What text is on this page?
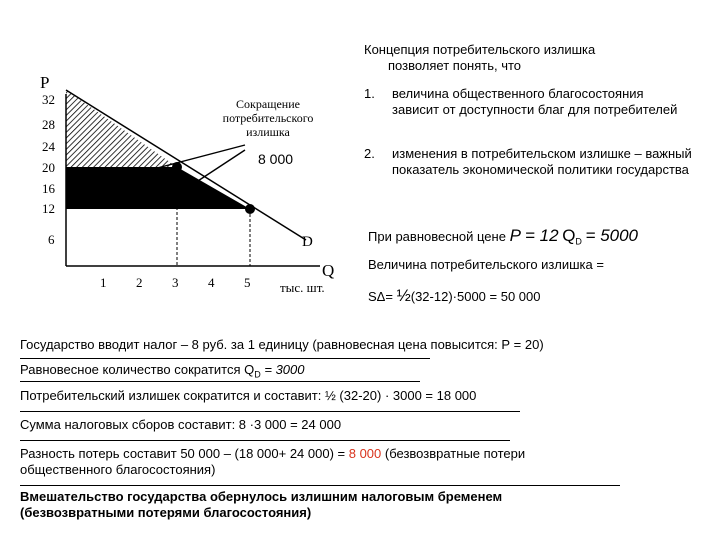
P
Q
тыс. шт.
D
32
28
24
20
16
12
6
1 2 3 4 5
Сокращение
потребительского
излишка
8 000
Концепция потребительского излишка
позволяет понять, что
1. величина общественного благосостояния зависит от доступности благ для потребителей
2. изменения в потребительском излишке – важный показатель экономической политики государства
При равновесной цене P = 12 $Q_D = 5000$
Величина потребительского излишка =
SΔ= ½(32-12)·5000 = 50 000
Государство вводит налог – 8 руб. за 1 единицу (равновесная цена повысится: Р = 20)
Равновесное количество сократится $Q_D = 3000$
Потребительский излишек сократится и составит: ½ (32-20) · 3000 = 18 000
Сумма налоговых сборов составит: 8 ·3 000 = 24 000
Разность потерь составит 50 000 – (18 000+ 24 000) = 8 000 (безвозвратные потери
общественного благосостояния)
Вмешательство государства обернулось излишним налоговым бременем
(безвозвратными потерями благосостояния)
